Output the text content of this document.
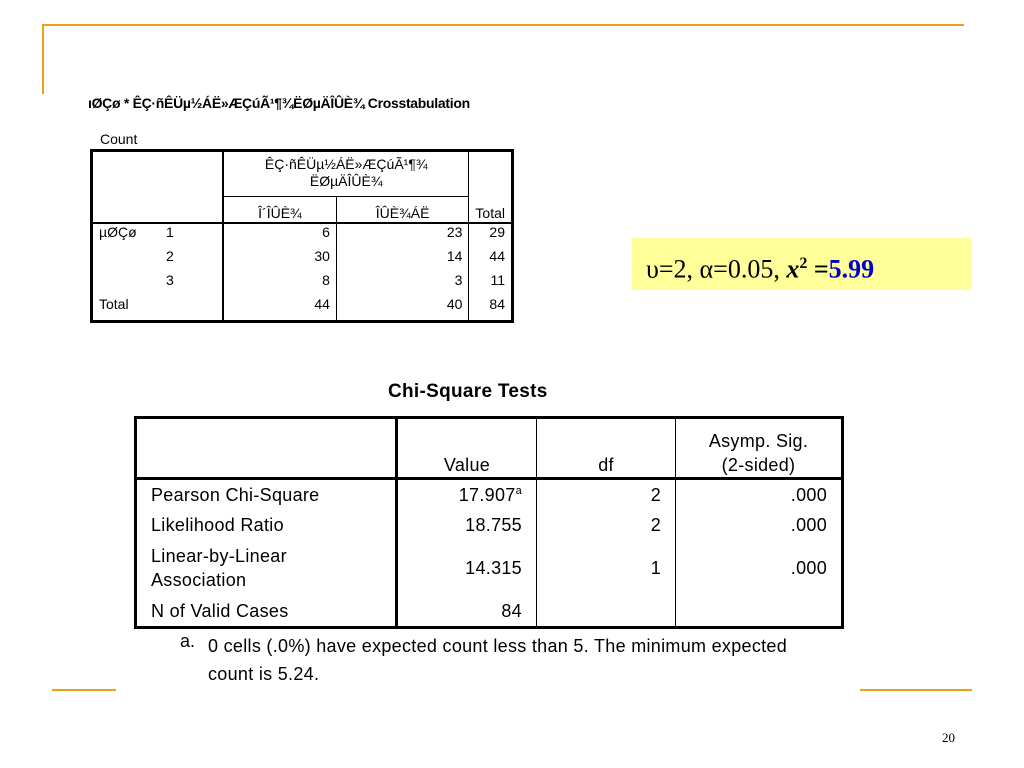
ıØÇø * ÊÇ·ñÊÜµ½ÁË»ÆÇúÃ¹¶¾ËØµÄÎÛÈ¾ Crosstabulation
Count
		ÊÇ·ñÊÜµ½ÁË»ÆÇúÃ¹¶¾ ËØµÄÎÛÈ¾		
		Î´ÎÛÈ¾	ÎÛÈ¾ÁË	Total
µØÇø	1	6	23	29
	2	30	14	44
	3	8	3	11
Total		44	40	84
υ=2, α=0.05, $x^2 =5.99$
Chi-Square Tests
	Value	df	Asymp. Sig.
(2-sided)
Pearson Chi-Square	17.907$^a$	2	.000
Likelihood Ratio	18.755	2	.000
Linear-by-Linear
Association	14.315	1	.000
N of Valid Cases	84		
a. 0 cells (.0%) have expected count less than 5. The minimum expected count is 5.24.
20
